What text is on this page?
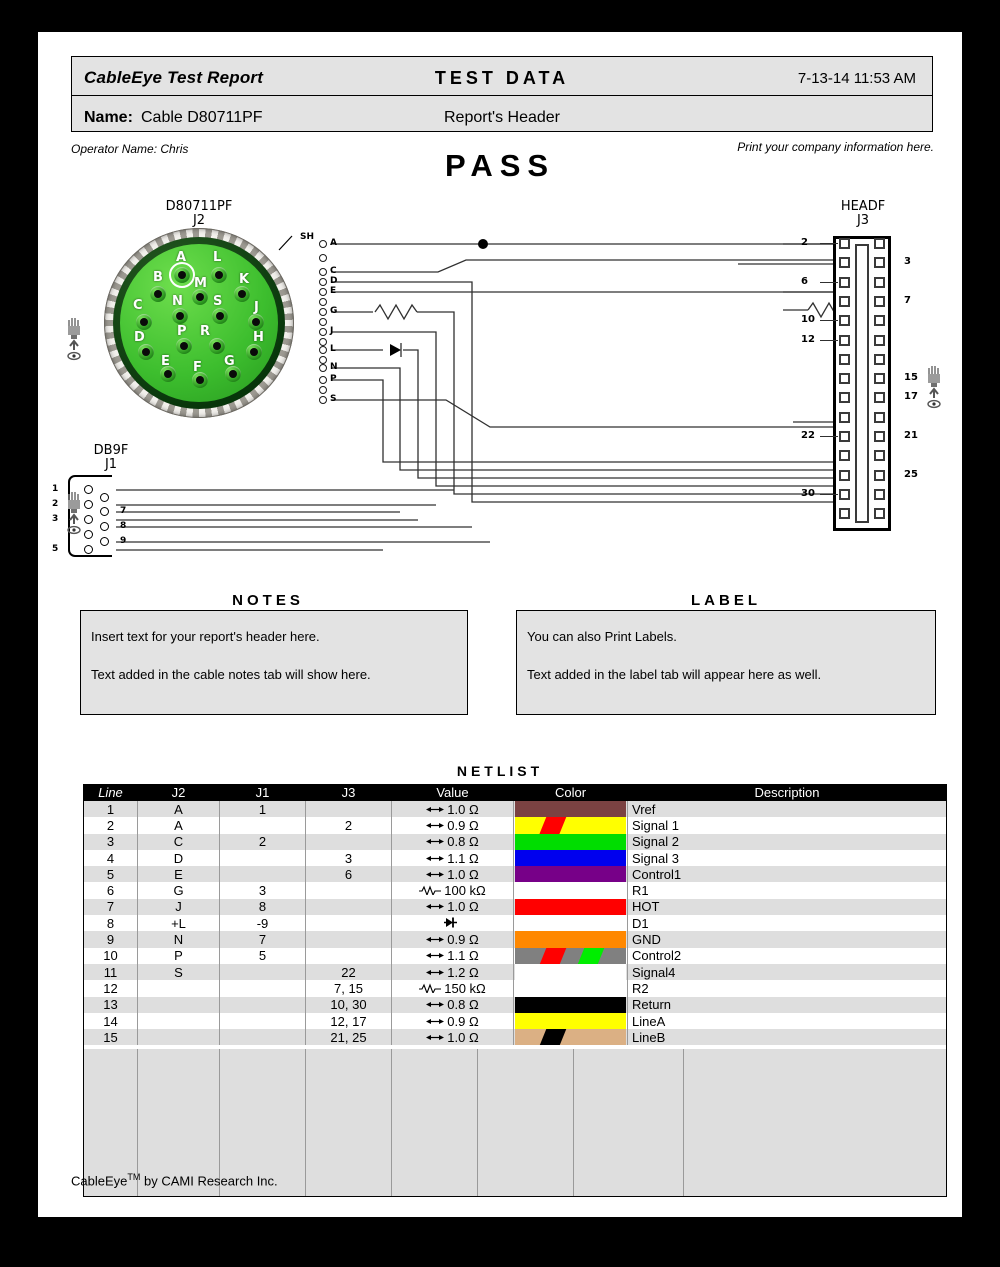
CableEye Test Report	TEST DATA	7-13-14 11:53 AM
Name: Cable D80711PF	Report's Header
Operator Name: Chris	Print your company information here.
PASS
D80711PF
J2
A
B
C
D
E F G
H
J
K
L
M
N
P R
S
SH
A
C
D
E
G
J
L
N
P
S
DB9F
J1
1
2
3
5
7
8
9
HEADF
J3
2
6
10
12
22
30
3
7
15
17
21
25
NOTES
Insert text for your report's header here.
Text added in the cable notes tab will show here.
LABEL
You can also Print Labels.
Text added in the label tab will appear here as well.
NETLIST
Line	J2	J1	J3	Value	Color	Description
1	A	1		1.0 Ω		Vref
2	A		2	0.9 Ω		Signal 1
3	C	2		0.8 Ω		Signal 2
4	D		3	1.1 Ω		Signal 3
5	E		6	1.0 Ω		Control1
6	G	3		100 kΩ		R1
7	J	8		1.0 Ω		HOT
8	+L	-9				D1
9	N	7		0.9 Ω		GND
10	P	5		1.1 Ω		Control2
11	S		22	1.2 Ω		Signal4
12			7, 15	150 kΩ		R2
13			10, 30	0.8 Ω		Return
14			12, 17	0.9 Ω		LineA
15			21, 25	1.0 Ω		LineB
CableEye™ by CAMI Research Inc.
